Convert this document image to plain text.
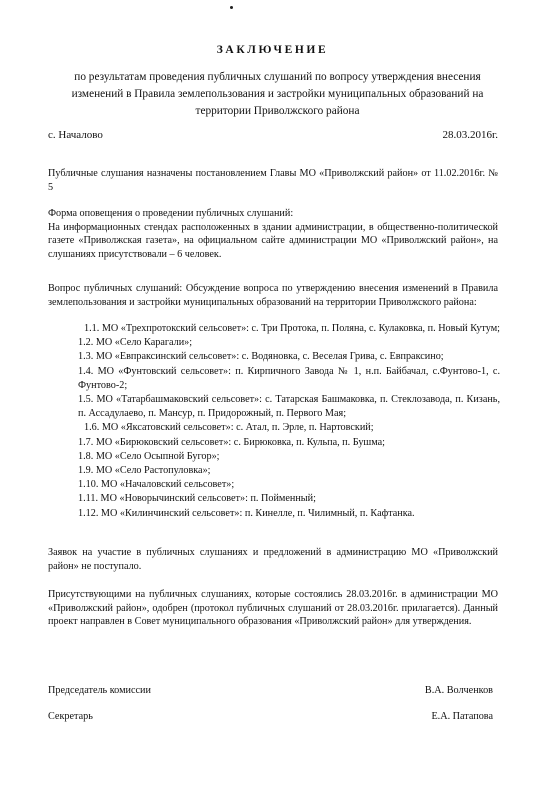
ЗАКЛЮЧЕНИЕ
по результатам проведения публичных слушаний по вопросу утверждения внесения изменений в Правила землепользования и застройки муниципальных образований на территории Приволжского района
с. Началово	28.03.2016г.

Публичные слушания назначены постановлением Главы МО «Приволжский район» от 11.02.2016г. № 5

Форма оповещения о проведении публичных слушаний:

На информационных стендах расположенных в здании администрации, в общественно-политической газете «Приволжская газета», на официальном сайте администрации МО «Приволжский район», на слушаниях присутствовали – 6 человек.

Вопрос публичных слушаний: Обсуждение вопроса по утверждению внесения изменений в Правила землепользования и застройки муниципальных образований на территории Приволжского района:

1.1. МО «Трехпротокский сельсовет»: с. Три Протока, п. Поляна, с. Кулаковка, п. Новый Кутум;
1.2. МО «Село Карагали»;
1.3. МО «Евпраксинский сельсовет»: с. Водяновка, с. Веселая Грива, с. Евпраксино;
1.4. МО «Фунтовский сельсовет»: п. Кирпичного Завода № 1, н.п. Байбачал, с.Фунтово-1, с. Фунтово-2;
1.5. МО «Татарбашмаковский сельсовет»: с. Татарская Башмаковка, п. Стеклозавода, п. Кизань, п. Ассадулаево, п. Мансур, п. Придорожный, п. Первого Мая;
1.6. МО «Яксатовский сельсовет»: с. Атал, п. Эрле, п. Нартовский;
1.7. МО «Бирюковский сельсовет»: с. Бирюковка, п. Кульпа, п. Бушма;
1.8. МО «Село Осыпной Бугор»;
1.9. МО «Село Растопуловка»;
1.10. МО «Началовский сельсовет»;
1.11. МО «Новорычинский сельсовет»: п. Пойменный;
1.12. МО «Килинчинский сельсовет»: п. Кинелле, п. Чилимный, п. Кафтанка.

Заявок на участие в публичных слушаниях и предложений в администрацию МО «Приволжский район» не поступало.

Присутствующими на публичных слушаниях, которые состоялись 28.03.2016г. в администрации МО «Приволжский район», одобрен (протокол публичных слушаний от 28.03.2016г. прилагается). Данный проект направлен в Совет муниципального образования «Приволжский район» для утверждения.

Председатель комиссии	В.А. Волченков
Секретарь	Е.А. Патапова
